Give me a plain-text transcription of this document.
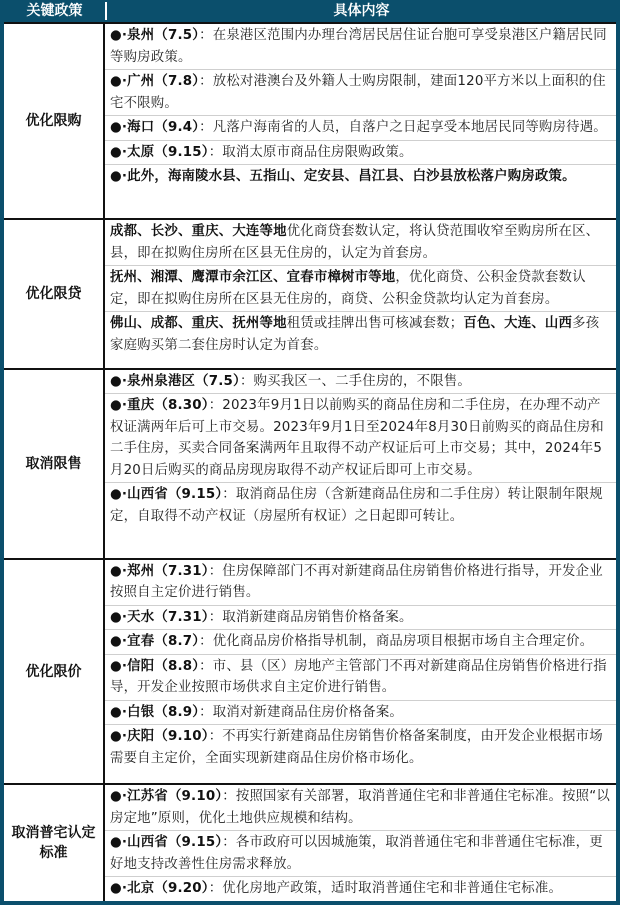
关键政策	具体内容
优化限购
●·泉州（7.5）：在泉港区范围内办理台湾居民居住证台胞可享受泉港区户籍居民同等购房政策。
●·广州（7.8）：放松对港澳台及外籍人士购房限制，建面120平方米以上面积的住宅不限购。
●·海口（9.4）：凡落户海南省的人员，自落户之日起享受本地居民同等购房待遇。
●·太原（9.15）：取消太原市商品住房限购政策。
●·此外，海南陵水县、五指山、定安县、昌江县、白沙县放松落户购房政策。
优化限贷
成都、长沙、重庆、大连等地优化商贷套数认定，将认贷范围收窄至购房所在区、县，即在拟购住房所在区县无住房的，认定为首套房。
抚州、湘潭、鹰潭市余江区、宜春市樟树市等地，优化商贷、公积金贷款套数认定，即在拟购住房所在区县无住房的，商贷、公积金贷款均认定为首套房。
佛山、成都、重庆、抚州等地租赁或挂牌出售可核减套数；百色、大连、山西多孩家庭购买第二套住房时认定为首套。
取消限售
●·泉州泉港区（7.5）：购买我区一、二手住房的，不限售。
●·重庆（8.30）：2023年9月1日以前购买的商品住房和二手住房，在办理不动产权证满两年后可上市交易。2023年9月1日至2024年8月30日前购买的商品住房和二手住房，买卖合同备案满两年且取得不动产权证后可上市交易；其中，2024年5月20日后购买的商品房现房取得不动产权证后即可上市交易。
●·山西省（9.15）：取消商品住房（含新建商品住房和二手住房）转让限制年限规定，自取得不动产权证（房屋所有权证）之日起即可转让。
优化限价
●·郑州（7.31）：住房保障部门不再对新建商品住房销售价格进行指导，开发企业按照自主定价进行销售。
●·天水（7.31）：取消新建商品房销售价格备案。
●·宜春（8.7）：优化商品房价格指导机制，商品房项目根据市场自主合理定价。
●·信阳（8.8）：市、县（区）房地产主管部门不再对新建商品住房销售价格进行指导，开发企业按照市场供求自主定价进行销售。
●·白银（8.9）：取消对新建商品住房价格备案。
●·庆阳（9.10）：不再实行新建商品住房销售价格备案制度，由开发企业根据市场需要自主定价，全面实现新建商品住房价格市场化。
取消普宅认定标准
●·江苏省（9.10）：按照国家有关部署，取消普通住宅和非普通住宅标准。按照“以房定地”原则，优化土地供应规模和结构。
●·山西省（9.15）：各市政府可以因城施策，取消普通住宅和非普通住宅标准，更好地支持改善性住房需求释放。
●·北京（9.20）：优化房地产政策，适时取消普通住宅和非普通住宅标准。
